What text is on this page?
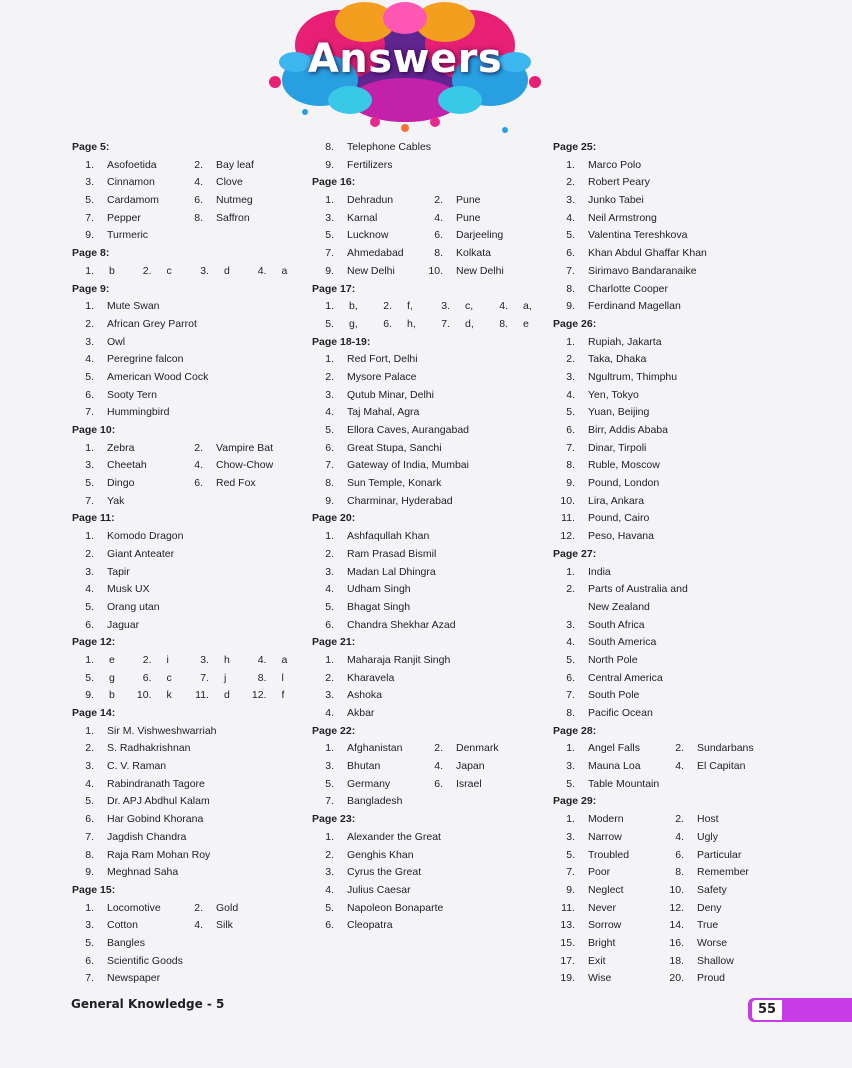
Answers
Page 5:
1. Asofoetida	2. Bay leaf
3. Cinnamon	4. Clove
5. Cardamom	6. Nutmeg
7. Pepper	8. Saffron
9. Turmeric
Page 8:
1. b	2. c	3. d	4. a
Page 9:
1. Mute Swan
2. African Grey Parrot
3. Owl
4. Peregrine falcon
5. American Wood Cock
6. Sooty Tern
7. Hummingbird
Page 10:
1. Zebra	2. Vampire Bat
3. Cheetah	4. Chow-Chow
5. Dingo	6. Red Fox
7. Yak
Page 11:
1. Komodo Dragon
2. Giant Anteater
3. Tapir
4. Musk UX
5. Orang utan
6. Jaguar
Page 12:
1. e	2. i	3. h	4. a
5. g	6. c	7. j	8. l
9. b	10. k	11. d	12. f
Page 14:
1. Sir M. Vishweshwarriah
2. S. Radhakrishnan
3. C. V. Raman
4. Rabindranath Tagore
5. Dr. APJ Abdhul Kalam
6. Har Gobind Khorana
7. Jagdish Chandra
8. Raja Ram Mohan Roy
9. Meghnad Saha
Page 15:
1. Locomotive	2. Gold
3. Cotton	4. Silk
5. Bangles
6. Scientific Goods
7. Newspaper
8. Telephone Cables
9. Fertilizers
Page 16:
1. Dehradun	2. Pune
3. Karnal	4. Pune
5. Lucknow	6. Darjeeling
7. Ahmedabad	8. Kolkata
9. New Delhi	10. New Delhi
Page 17:
1. b,	2. f,	3. c,	4. a,
5. g,	6. h,	7. d,	8. e
Page 18-19:
1. Red Fort, Delhi
2. Mysore Palace
3. Qutub Minar, Delhi
4. Taj Mahal, Agra
5. Ellora Caves, Aurangabad
6. Great Stupa, Sanchi
7. Gateway of India, Mumbai
8. Sun Temple, Konark
9. Charminar, Hyderabad
Page 20:
1. Ashfaqullah Khan
2. Ram Prasad Bismil
3. Madan Lal Dhingra
4. Udham Singh
5. Bhagat Singh
6. Chandra Shekhar Azad
Page 21:
1. Maharaja Ranjit Singh
2. Kharavela
3. Ashoka
4. Akbar
Page 22:
1. Afghanistan	2. Denmark
3. Bhutan	4. Japan
5. Germany	6. Israel
7. Bangladesh
Page 23:
1. Alexander the Great
2. Genghis Khan
3. Cyrus the Great
4. Julius Caesar
5. Napoleon Bonaparte
6. Cleopatra
Page 25:
1. Marco Polo
2. Robert Peary
3. Junko Tabei
4. Neil Armstrong
5. Valentina Tereshkova
6. Khan Abdul Ghaffar Khan
7. Sirimavo Bandaranaike
8. Charlotte Cooper
9. Ferdinand Magellan
Page 26:
1. Rupiah, Jakarta
2. Taka, Dhaka
3. Ngultrum, Thimphu
4. Yen, Tokyo
5. Yuan, Beijing
6. Birr, Addis Ababa
7. Dinar, Tirpoli
8. Ruble, Moscow
9. Pound, London
10. Lira, Ankara
11. Pound, Cairo
12. Peso, Havana
Page 27:
1. India
2. Parts of Australia and
New Zealand
3. South Africa
4. South America
5. North Pole
6. Central America
7. South Pole
8. Pacific Ocean
Page 28:
1. Angel Falls	2. Sundarbans
3. Mauna Loa	4. El Capitan
5. Table Mountain
Page 29:
1. Modern	2. Host
3. Narrow	4. Ugly
5. Troubled	6. Particular
7. Poor	8. Remember
9. Neglect	10. Safety
11. Never	12. Deny
13. Sorrow	14. True
15. Bright	16. Worse
17. Exit	18. Shallow
19. Wise	20. Proud
General Knowledge - 5	55
